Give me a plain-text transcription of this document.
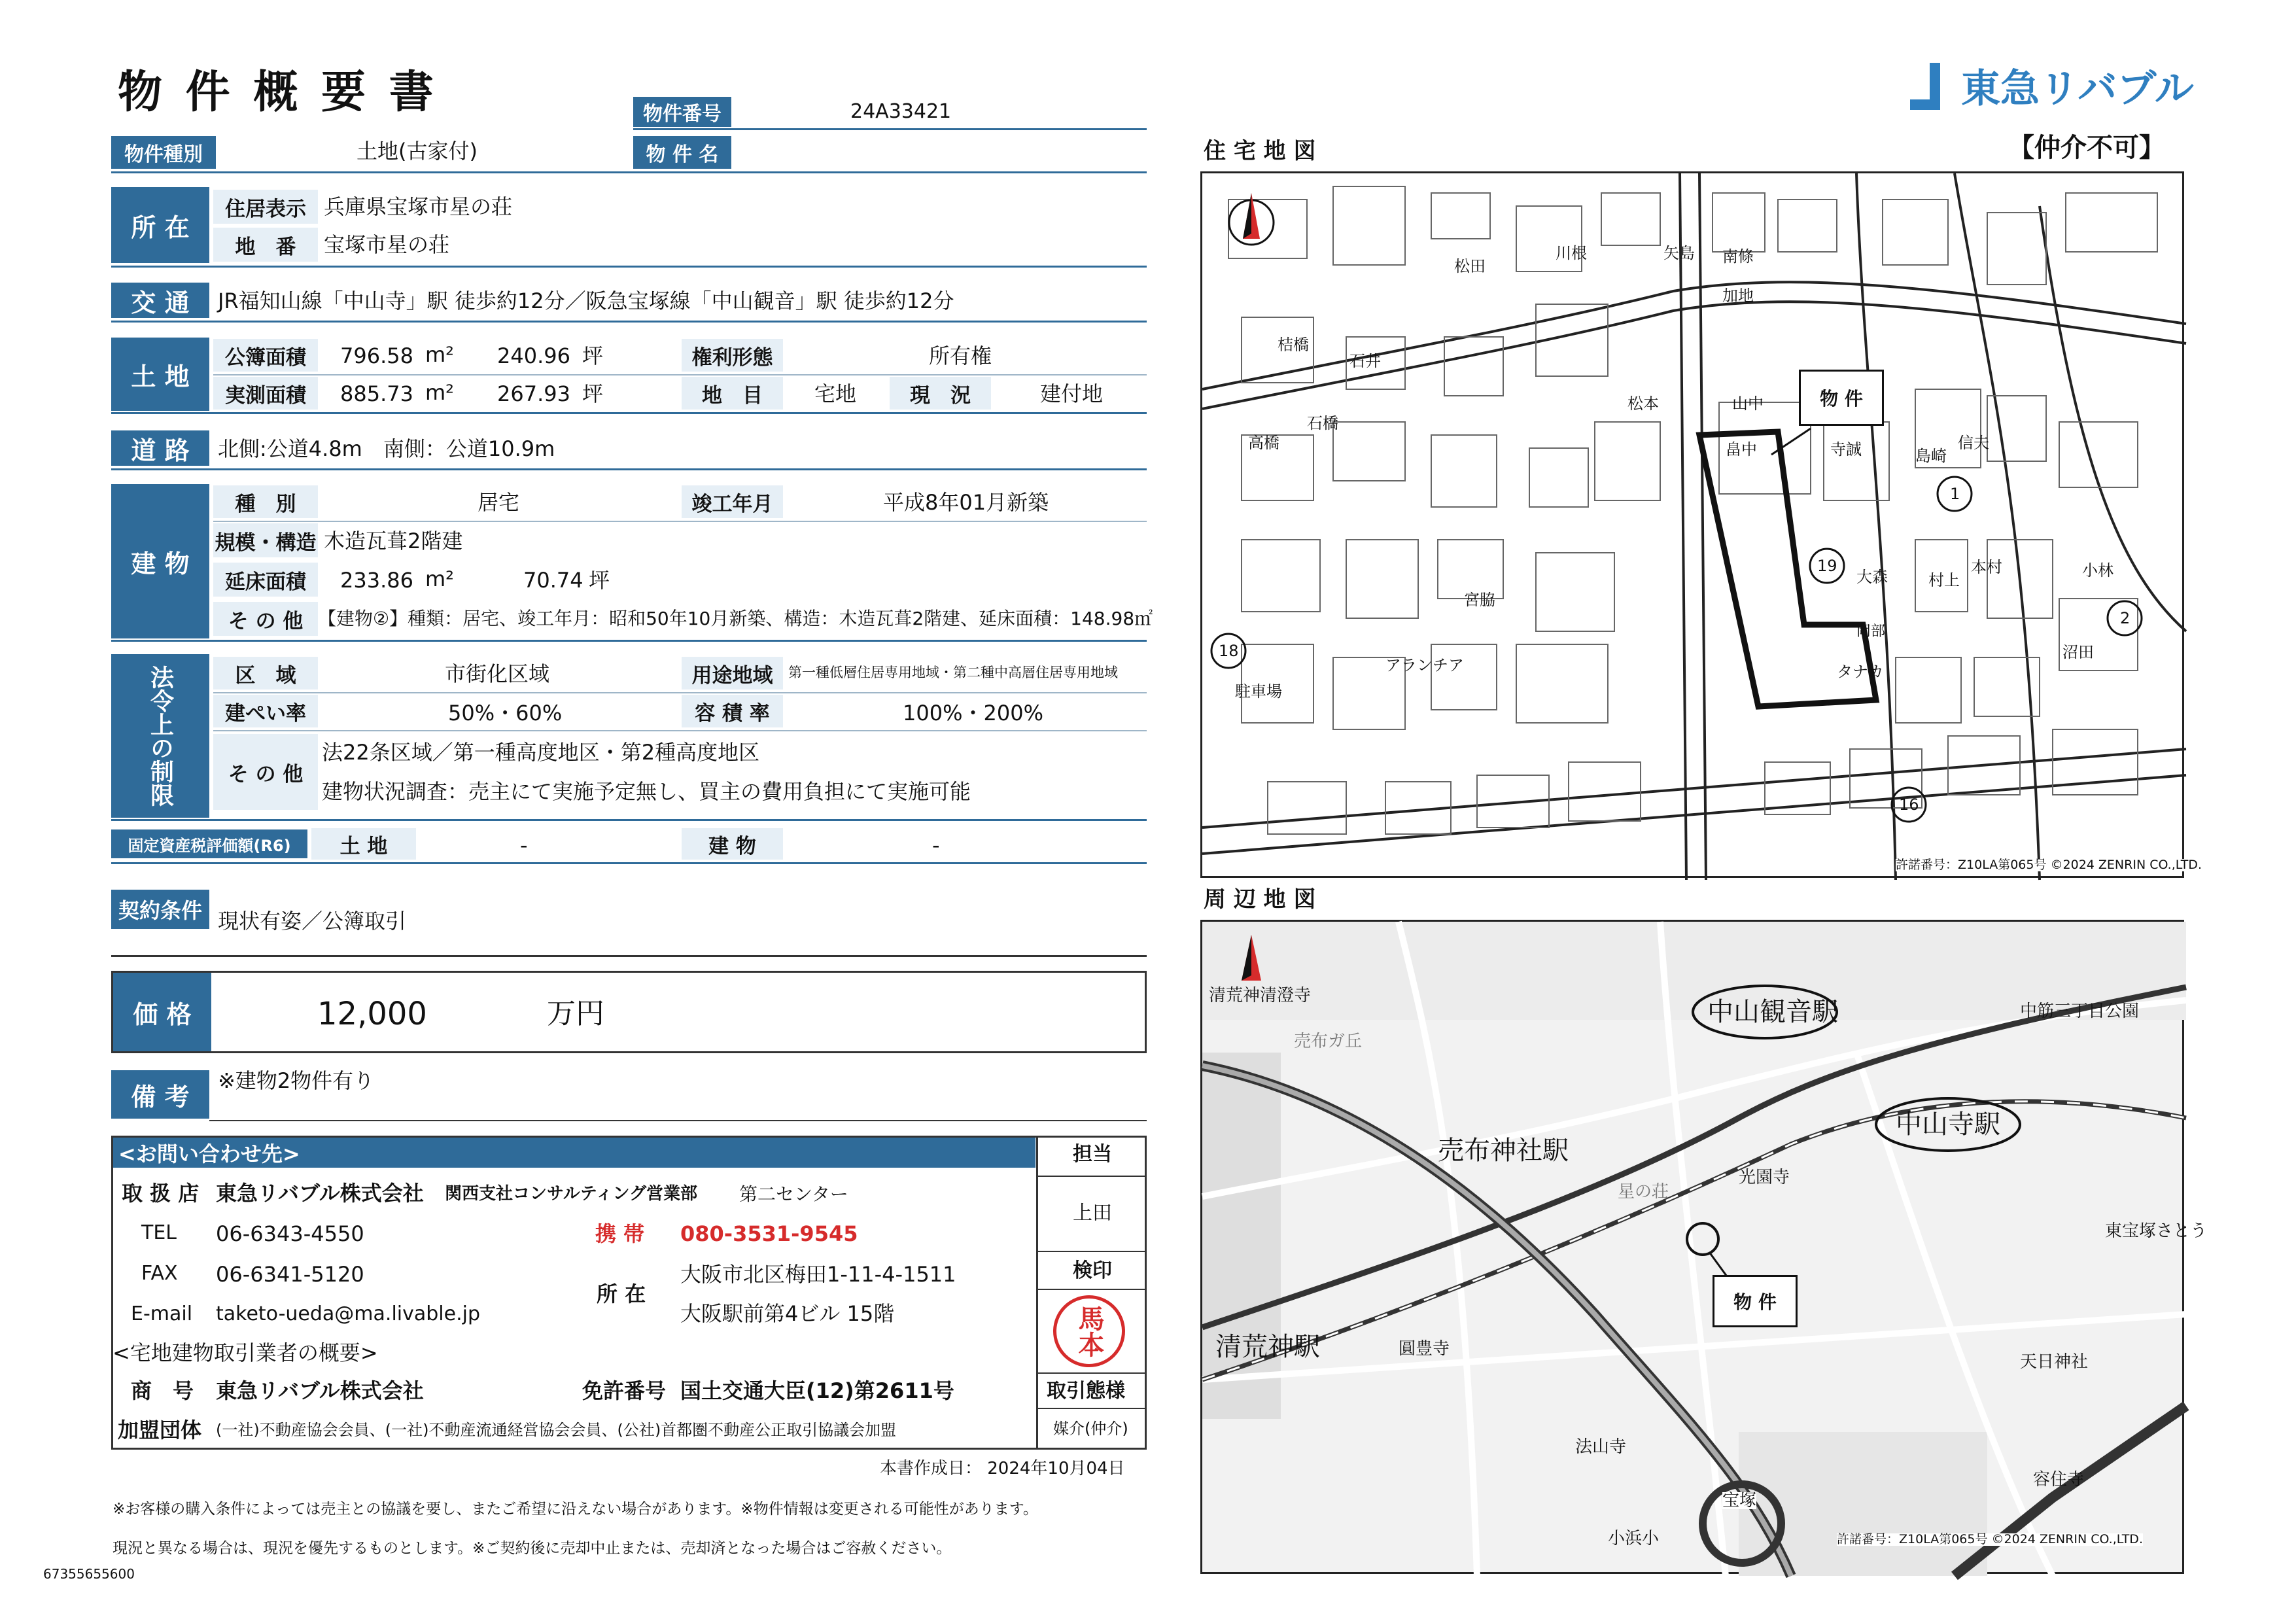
物 件 概 要 書	物件番号	24A33421	東急リバブル
物件種別	土地(古家付)	物 件 名
所 在
住居表示 兵庫県宝塚市星の荘
地　番	宝塚市星の荘
交 通	JR福知山線「中山寺」駅 徒歩約12分／阪急宝塚線「中山観音」駅 徒歩約12分
土 地
公簿面積	796.58 m² 240.96 坪	権利形態	所有権
実測面積	885.73 m² 267.93 坪	地　目	宅地	現　況	建付地
道 路	北側:公道4.8m　南側：公道10.9m
建 物
種　別	居宅	竣工年月	平成8年01月新築
規模・構造 木造瓦葺2階建
延床面積	233.86 m²	70.74 坪
そ の 他 【建物②】種類：居宅、竣工年月：昭和50年10月新築、構造：木造瓦葺2階建、延床面積：148.98㎡
法令上の制限	区　域	市街化区域	用途地域	第一種低層住居専用地域・第二種中高層住居専用地域
建ぺい率	50%・60%	容 積 率	100%・200%
そ の 他
法22条区域／第一種高度地区・第2種高度地区
建物状況調査：売主にて実施予定無し、買主の費用負担にて実施可能
固定資産税評価額(R6)	土 地	-	建 物	-
契約条件 現状有姿／公簿取引
価 格	12,000	万円
備 考
※建物2物件有り
<お問い合わせ先>	担当
上田
検印
馬本
取引態様
媒介(仲介)
取 扱 店 東急リバブル株式会社 関西支社コンサルティング営業部 第二センター
TEL 06-6343-4550	携 帯 080-3531-9545
FAX 06-6341-5120
所 在
大阪市北区梅田1-11-4-1511
大阪駅前第4ビル 15階
E-mail taketo-ueda@ma.livable.jp
<宅地建物取引業者の概要>
商　号 東急リバブル株式会社	免許番号 国土交通大臣(12)第2611号
加盟団体 (一社)不動産協会会員、(一社)不動産流通経営協会会員、(公社)首都圏不動産公正取引協議会加盟
本書作成日： 2024年10月04日
※お客様の購入条件によっては売主との協議を要し、またご希望に沿えない場合があります。※物件情報は変更される可能性があります。
現況と異なる場合は、現況を優先するものとします。※ご契約後に売却中止または、売却済となった場合はご容赦ください。
67355655600
住 宅 地 図	【仲介不可】
松本	山中
畠中	寺誠
川根	矢島 南條
加地
松田
石井
桔橋
高橋
石橋
宮脇
信夫
小林
沼田
本村
村上
島崎
大森
岡部
タナカ
駐車場
アランチア
19
18
16
1
2
物 件
許諾番号：Z10LA第065号 ©2024 ZENRIN CO.,LTD.
周 辺 地 図
中山観音駅
中山寺駅
売布神社駅
清荒神駅
清荒神清澄寺
中筋三丁目公園
光園寺
東宝塚さとう
圓豊寺
天日神社
法山寺
容住寺
宝塚
小浜小
売布ガ丘
星の荘
物 件
許諾番号：Z10LA第065号 ©2024 ZENRIN CO.,LTD.
